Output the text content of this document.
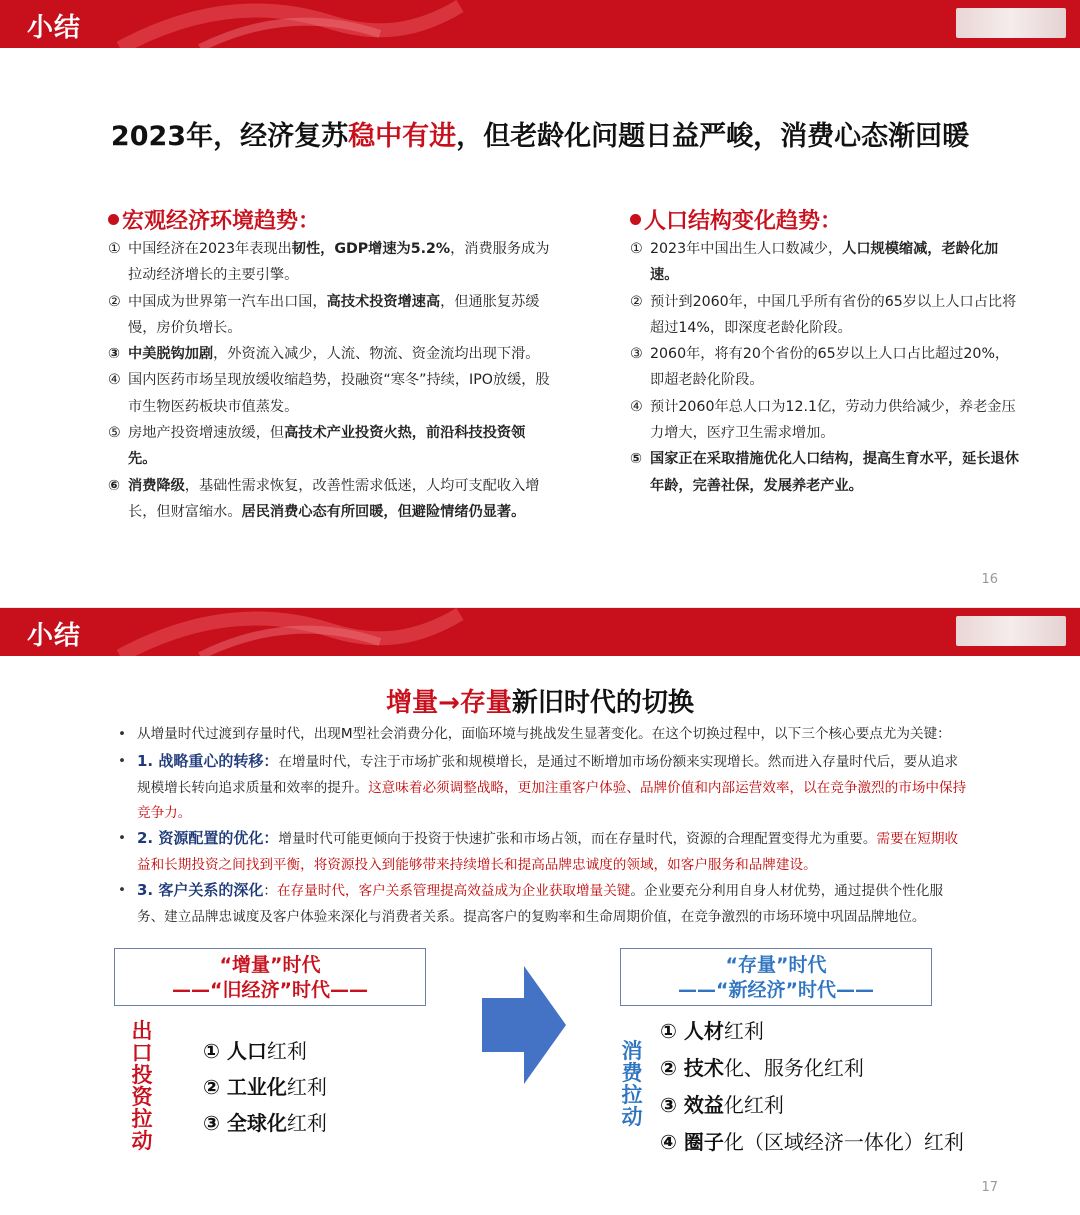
小结
2023年，经济复苏稳中有进，但老龄化问题日益严峻，消费心态渐回暖
宏观经济环境趋势：
① 中国经济在2023年表现出韧性，GDP增速为5.2%，消费服务成为拉动经济增长的主要引擎。
② 中国成为世界第一汽车出口国，高技术投资增速高，但通胀复苏缓慢，房价负增长。
③ 中美脱钩加剧，外资流入减少，人流、物流、资金流均出现下滑。
④ 国内医药市场呈现放缓收缩趋势，投融资“寒冬”持续，IPO放缓，股市生物医药板块市值蒸发。
⑤ 房地产投资增速放缓，但高技术产业投资火热，前沿科技投资领先。
⑥ 消费降级，基础性需求恢复，改善性需求低迷，人均可支配收入增长，但财富缩水。居民消费心态有所回暖，但避险情绪仍显著。
人口结构变化趋势：
① 2023年中国出生人口数减少，人口规模缩减，老龄化加速。
② 预计到2060年，中国几乎所有省份的65岁以上人口占比将超过14%，即深度老龄化阶段。
③ 2060年，将有20个省份的65岁以上人口占比超过20%，即超老龄化阶段。
④ 预计2060年总人口为12.1亿，劳动力供给减少，养老金压力增大，医疗卫生需求增加。
⑤ 国家正在采取措施优化人口结构，提高生育水平，延长退休年龄，完善社保，发展养老产业。
16
小结
增量→存量新旧时代的切换
• 从增量时代过渡到存量时代，出现M型社会消费分化，面临环境与挑战发生显著变化。在这个切换过程中，以下三个核心要点尤为关键：
• 1. 战略重心的转移：在增量时代，专注于市场扩张和规模增长，是通过不断增加市场份额来实现增长。然而进入存量时代后，要从追求规模增长转向追求质量和效率的提升。这意味着必须调整战略，更加注重客户体验、品牌价值和内部运营效率，以在竞争激烈的市场中保持竞争力。
• 2. 资源配置的优化：增量时代可能更倾向于投资于快速扩张和市场占领，而在存量时代，资源的合理配置变得尤为重要。需要在短期收益和长期投资之间找到平衡，将资源投入到能够带来持续增长和提高品牌忠诚度的领域，如客户服务和品牌建设。
• 3. 客户关系的深化：在存量时代，客户关系管理提高效益成为企业获取增量关键。企业要充分利用自身人材优势，通过提供个性化服务、建立品牌忠诚度及客户体验来深化与消费者关系。提高客户的复购率和生命周期价值，在竞争激烈的市场环境中巩固品牌地位。
“增量”时代
——“旧经济”时代——
“存量”时代
——“新经济”时代——
出口投资拉动
消费拉动
① 人口红利
② 工业化红利
③ 全球化红利
① 人材红利
② 技术化、服务化红利
③ 效益化红利
④ 圈子化（区域经济一体化）红利
17
